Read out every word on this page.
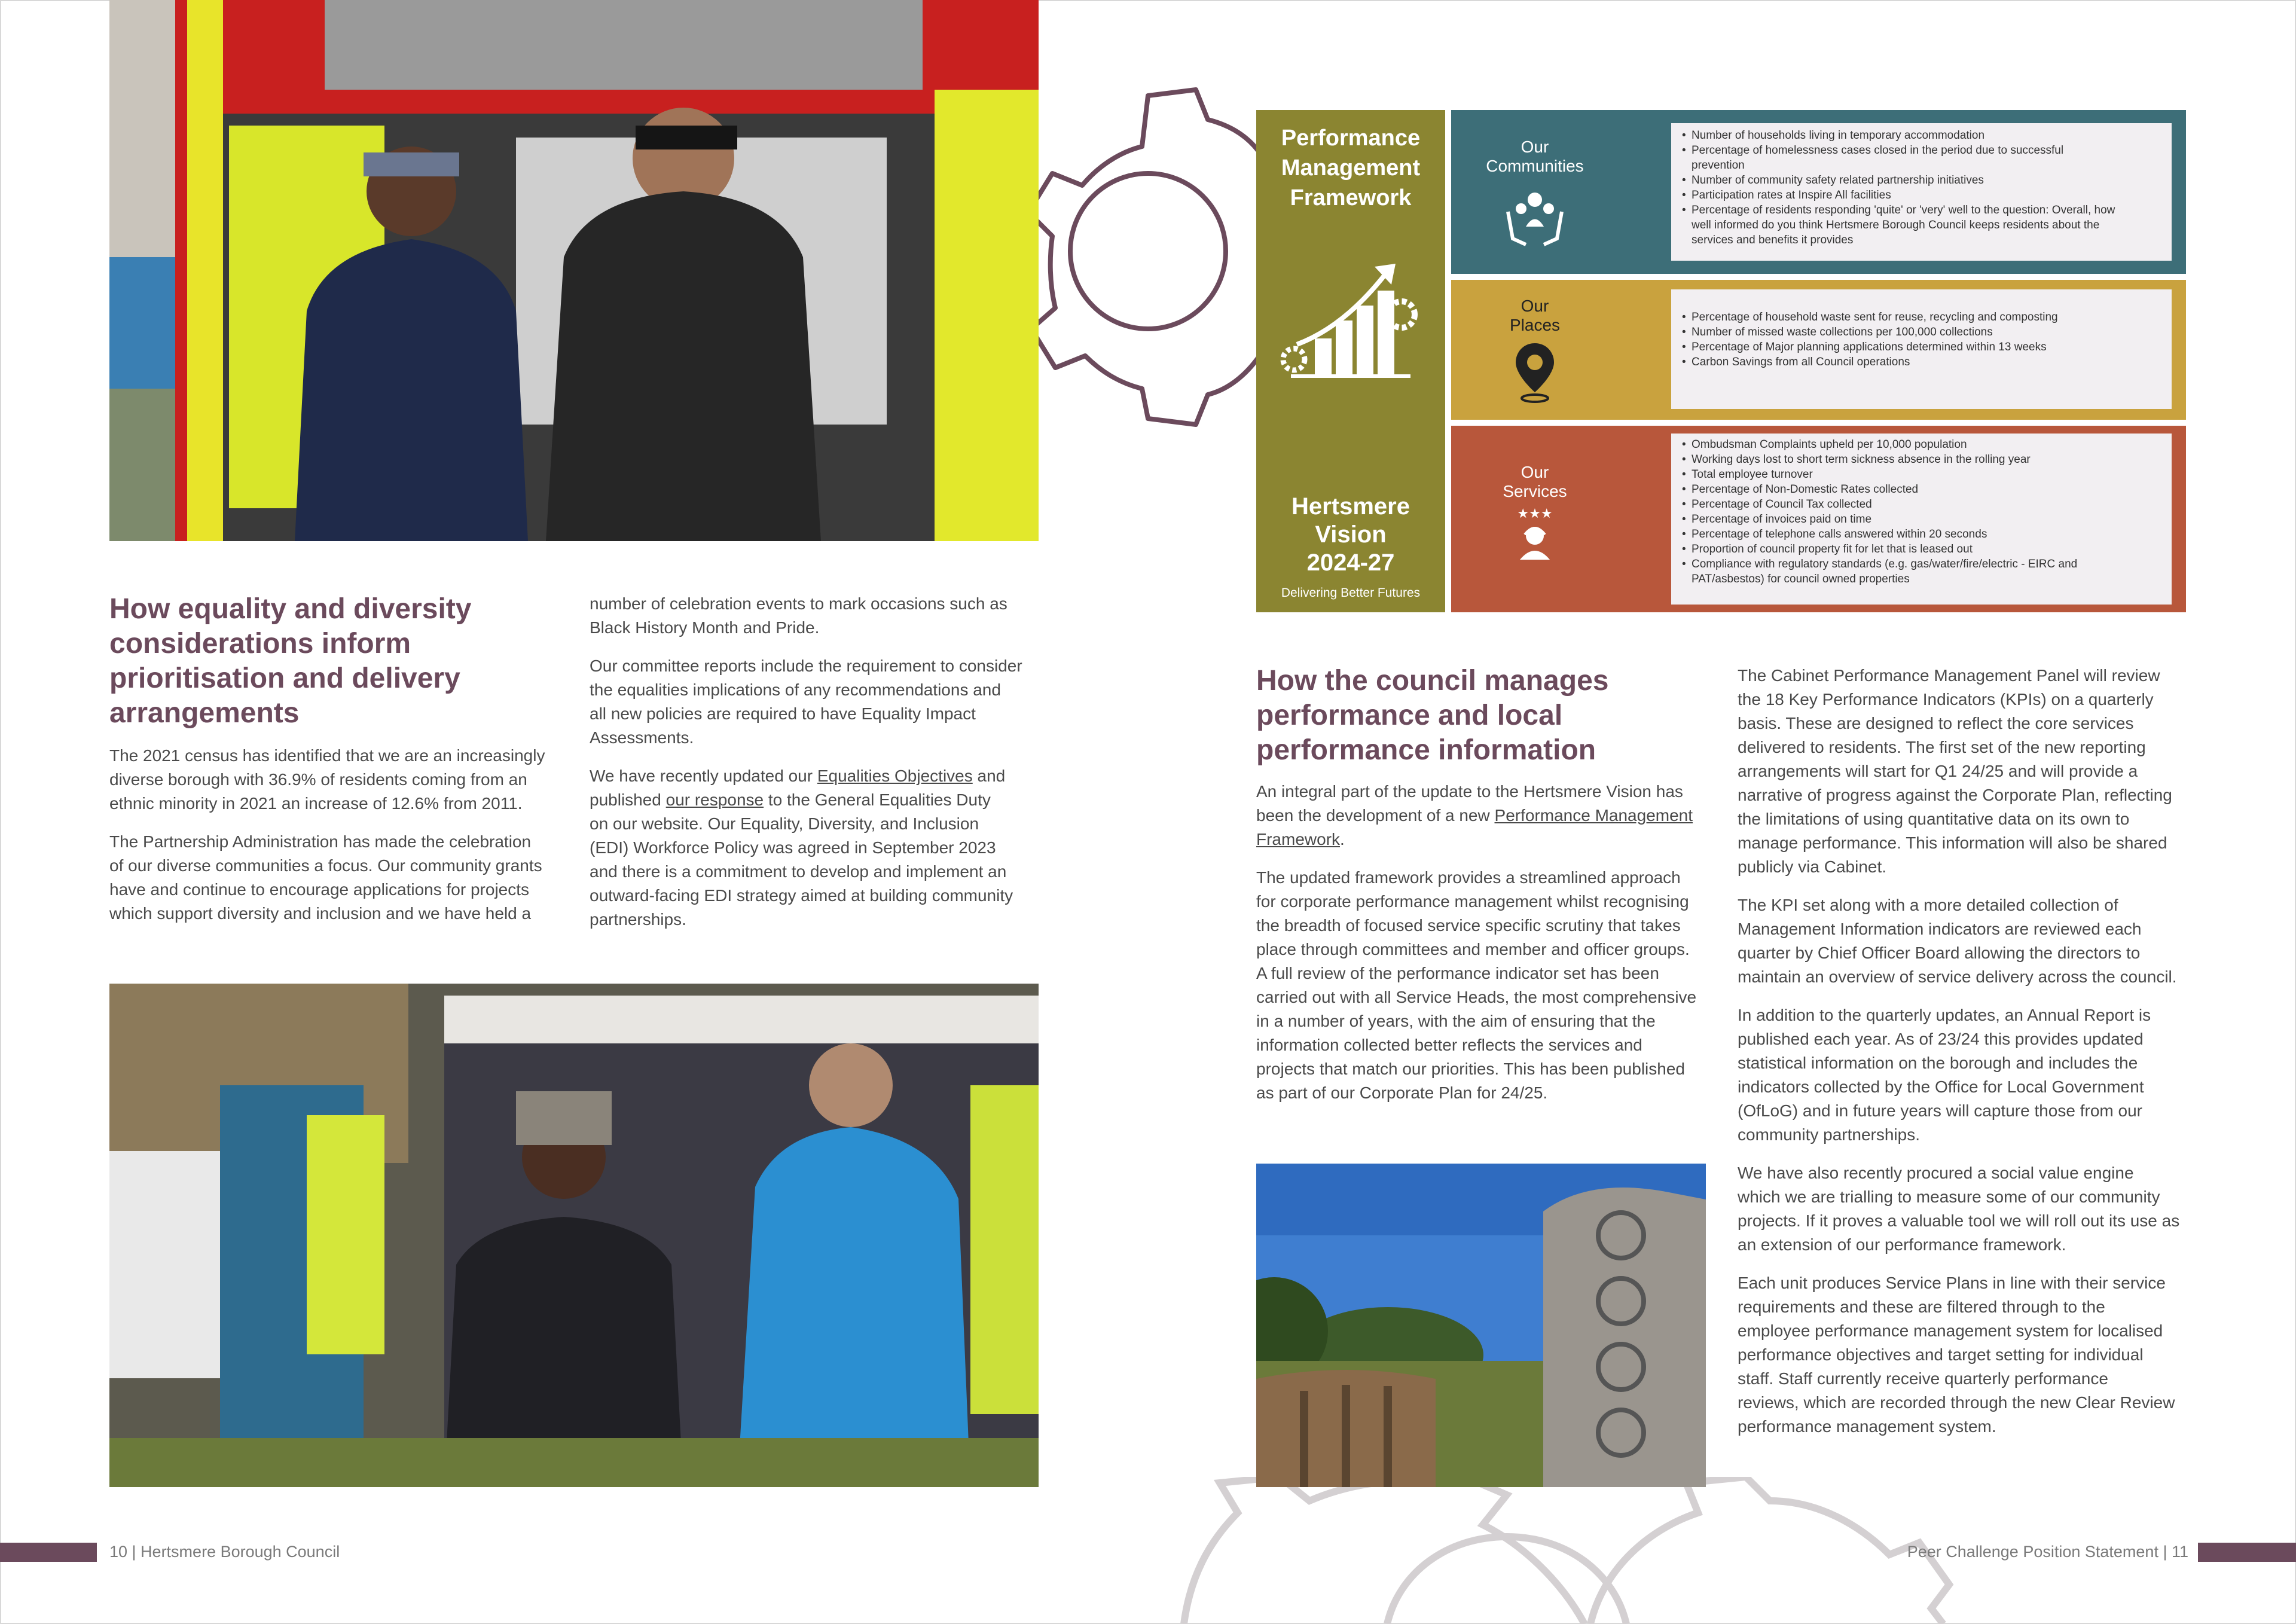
How equality and diversity
considerations inform
prioritisation and delivery
arrangements

The 2021 census has identified that we are an increasingly
diverse borough with 36.9% of residents coming from an
ethnic minority in 2021 an increase of 12.6% from 2011.

The Partnership Administration has made the celebration
of our diverse communities a focus. Our community grants
have and continue to encourage applications for projects
which support diversity and inclusion and we have held a

number of celebration events to mark occasions such as
Black History Month and Pride.

Our committee reports include the requirement to consider
the equalities implications of any recommendations and
all new policies are required to have Equality Impact
Assessments.

We have recently updated our Equalities Objectives and
published our response to the General Equalities Duty
on our website. Our Equality, Diversity, and Inclusion
(EDI) Workforce Policy was agreed in September 2023
and there is a commitment to develop and implement an
outward-facing EDI strategy aimed at building community
partnerships.

10 | Hertsmere Borough Council
Performance
Management
Framework
Hertsmere
Vision
2024-27
Delivering Better Futures
Our
Communities
• Number of households living in temporary accommodation
• Percentage of homelessness cases closed in the period due to successful
prevention
• Number of community safety related partnership initiatives
• Participation rates at Inspire All facilities
• Percentage of residents responding 'quite' or 'very' well to the question: Overall, how
well informed do you think Hertsmere Borough Council keeps residents about the
services and benefits it provides
Our
Places	• Percentage of household waste sent for reuse, recycling and composting
• Number of missed waste collections per 100,000 collections
• Percentage of Major planning applications determined within 13 weeks
• Carbon Savings from all Council operations
Our
Services
★★★
• Ombudsman Complaints upheld per 10,000 population
• Working days lost to short term sickness absence in the rolling year
• Total employee turnover
• Percentage of Non-Domestic Rates collected
• Percentage of Council Tax collected
• Percentage of invoices paid on time
• Percentage of telephone calls answered within 20 seconds
• Proportion of council property fit for let that is leased out
• Compliance with regulatory standards (e.g. gas/water/fire/electric - EIRC and
PAT/asbestos) for council owned properties
How the council manages
performance and local
performance information

An integral part of the update to the Hertsmere Vision has
been the development of a new Performance Management
Framework.

The updated framework provides a streamlined approach
for corporate performance management whilst recognising
the breadth of focused service specific scrutiny that takes
place through committees and member and officer groups.
A full review of the performance indicator set has been
carried out with all Service Heads, the most comprehensive
in a number of years, with the aim of ensuring that the
information collected better reflects the services and
projects that match our priorities. This has been published
as part of our Corporate Plan for 24/25.

The Cabinet Performance Management Panel will review
the 18 Key Performance Indicators (KPIs) on a quarterly
basis. These are designed to reflect the core services
delivered to residents. The first set of the new reporting
arrangements will start for Q1 24/25 and will provide a
narrative of progress against the Corporate Plan, reflecting
the limitations of using quantitative data on its own to
manage performance. This information will also be shared
publicly via Cabinet.

The KPI set along with a more detailed collection of
Management Information indicators are reviewed each
quarter by Chief Officer Board allowing the directors to
maintain an overview of service delivery across the council.

In addition to the quarterly updates, an Annual Report is
published each year. As of 23/24 this provides updated
statistical information on the borough and includes the
indicators collected by the Office for Local Government
(OfLoG) and in future years will capture those from our
community partnerships.

We have also recently procured a social value engine
which we are trialling to measure some of our community
projects. If it proves a valuable tool we will roll out its use as
an extension of our performance framework.

Each unit produces Service Plans in line with their service
requirements and these are filtered through to the
employee performance management system for localised
performance objectives and target setting for individual
staff. Staff currently receive quarterly performance
reviews, which are recorded through the new Clear Review
performance management system.

Peer Challenge Position Statement | 11
